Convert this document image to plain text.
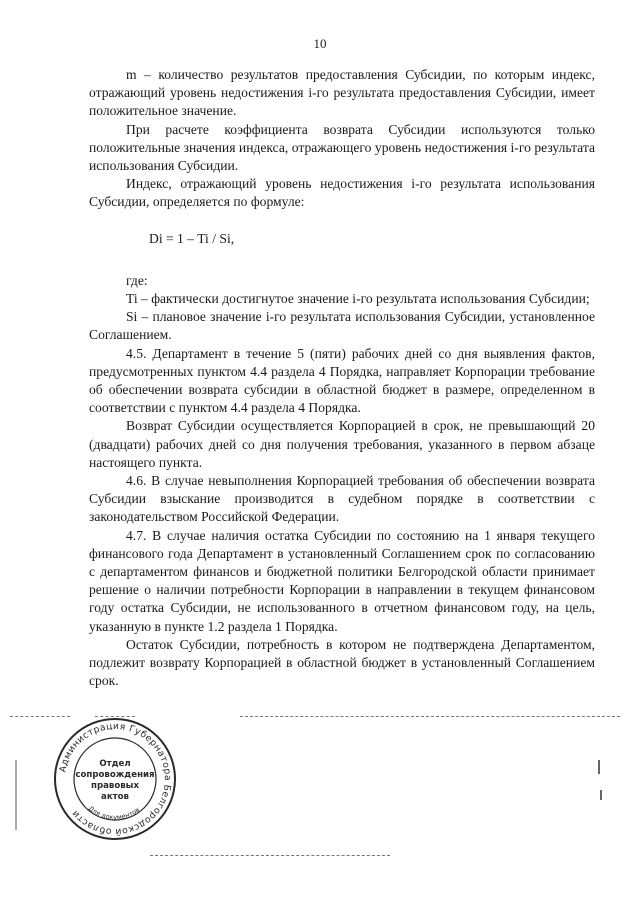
10

m – количество результатов предоставления Субсидии, по которым индекс, отражающий уровень недостижения i-го результата предоставления Субсидии, имеет положительное значение.

При расчете коэффициента возврата Субсидии используются только положительные значения индекса, отражающего уровень недостижения i-го результата использования Субсидии.

Индекс, отражающий уровень недостижения i-го результата использования Субсидии, определяется по формуле:

Di = 1 – Ti / Si,

где:

Ti – фактически достигнутое значение i-го результата использования Субсидии;

Si – плановое значение i-го результата использования Субсидии, установленное Соглашением.

4.5. Департамент в течение 5 (пяти) рабочих дней со дня выявления фактов, предусмотренных пунктом 4.4 раздела 4 Порядка, направляет Корпорации требование об обеспечении возврата субсидии в областной бюджет в размере, определенном в соответствии с пунктом 4.4 раздела 4 Порядка.

Возврат Субсидии осуществляется Корпорацией в срок, не превышающий 20 (двадцати) рабочих дней со дня получения требования, указанного в первом абзаце настоящего пункта.

4.6. В случае невыполнения Корпорацией требования об обеспечении возврата Субсидии взыскание производится в судебном порядке в соответствии с законодательством Российской Федерации.

4.7. В случае наличия остатка Субсидии по состоянию на 1 января текущего финансового года Департамент в установленный Соглашением срок по согласованию с департаментом финансов и бюджетной политики Белгородской области принимает решение о наличии потребности Корпорации в направлении в текущем финансовом году остатка Субсидии, не использованного в отчетном финансовом году, на цель, указанную в пункте 1.2 раздела 1 Порядка.

Остаток Субсидии, потребность в котором не подтверждена Департаментом, подлежит возврату Корпорацией в областной бюджет в установленный Соглашением срок.

Администрация Губернатора Белгородской области
Отдел
сопровождения
правовых
актов
Для документов
